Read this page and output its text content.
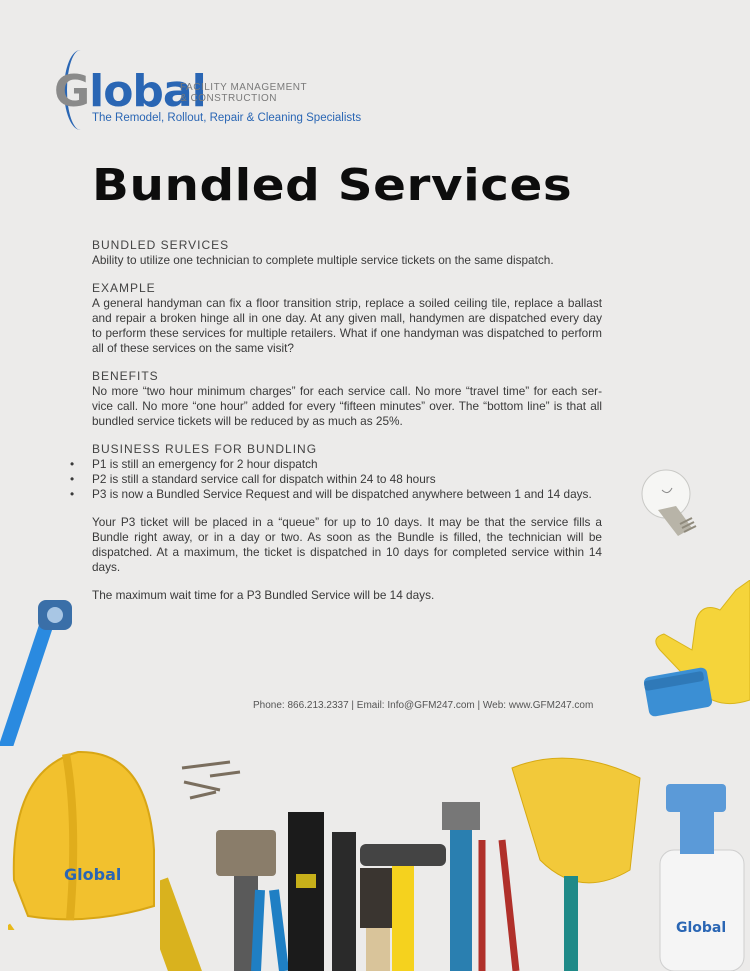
Global
FACILITY MANAGEMENT
& CONSTRUCTION
The Remodel, Rollout, Repair & Cleaning Specialists
Bundled Services

BUNDLED SERVICES

Ability to utilize one technician to complete multiple service tickets on the same dispatch.

EXAMPLE

A general handyman can fix a floor transition strip, replace a soiled ceiling tile, replace a ballast and repair a broken hinge all in one day. At any given mall, handymen are dispatched every day to perform these services for multiple retailers. What if one handyman was dispatched to perform all of these services on the same visit?

BENEFITS

No more “two hour minimum charges” for each service call. No more “travel time” for each ser-vice call. No more “one hour” added for every “fifteen minutes” over. The “bottom line” is that all bundled service tickets will be reduced by as much as 25%.

BUSINESS RULES FOR BUNDLING

• P1 is still an emergency for 2 hour dispatch
• P2 is still a standard service call for dispatch within 24 to 48 hours
• P3 is now a Bundled Service Request and will be dispatched anywhere between 1 and 14 days.

Your P3 ticket will be placed in a “queue” for up to 10 days. It may be that the service fills a Bundle right away, or in a day or two. As soon as the Bundle is filled, the technician will be dispatched. At a maximum, the ticket is dispatched in 10 days for completed service within 14 days.

The maximum wait time for a P3 Bundled Service will be 14 days.

Phone: 866.213.2337 | Email: Info@GFM247.com | Web: www.GFM247.com
Global
Global
